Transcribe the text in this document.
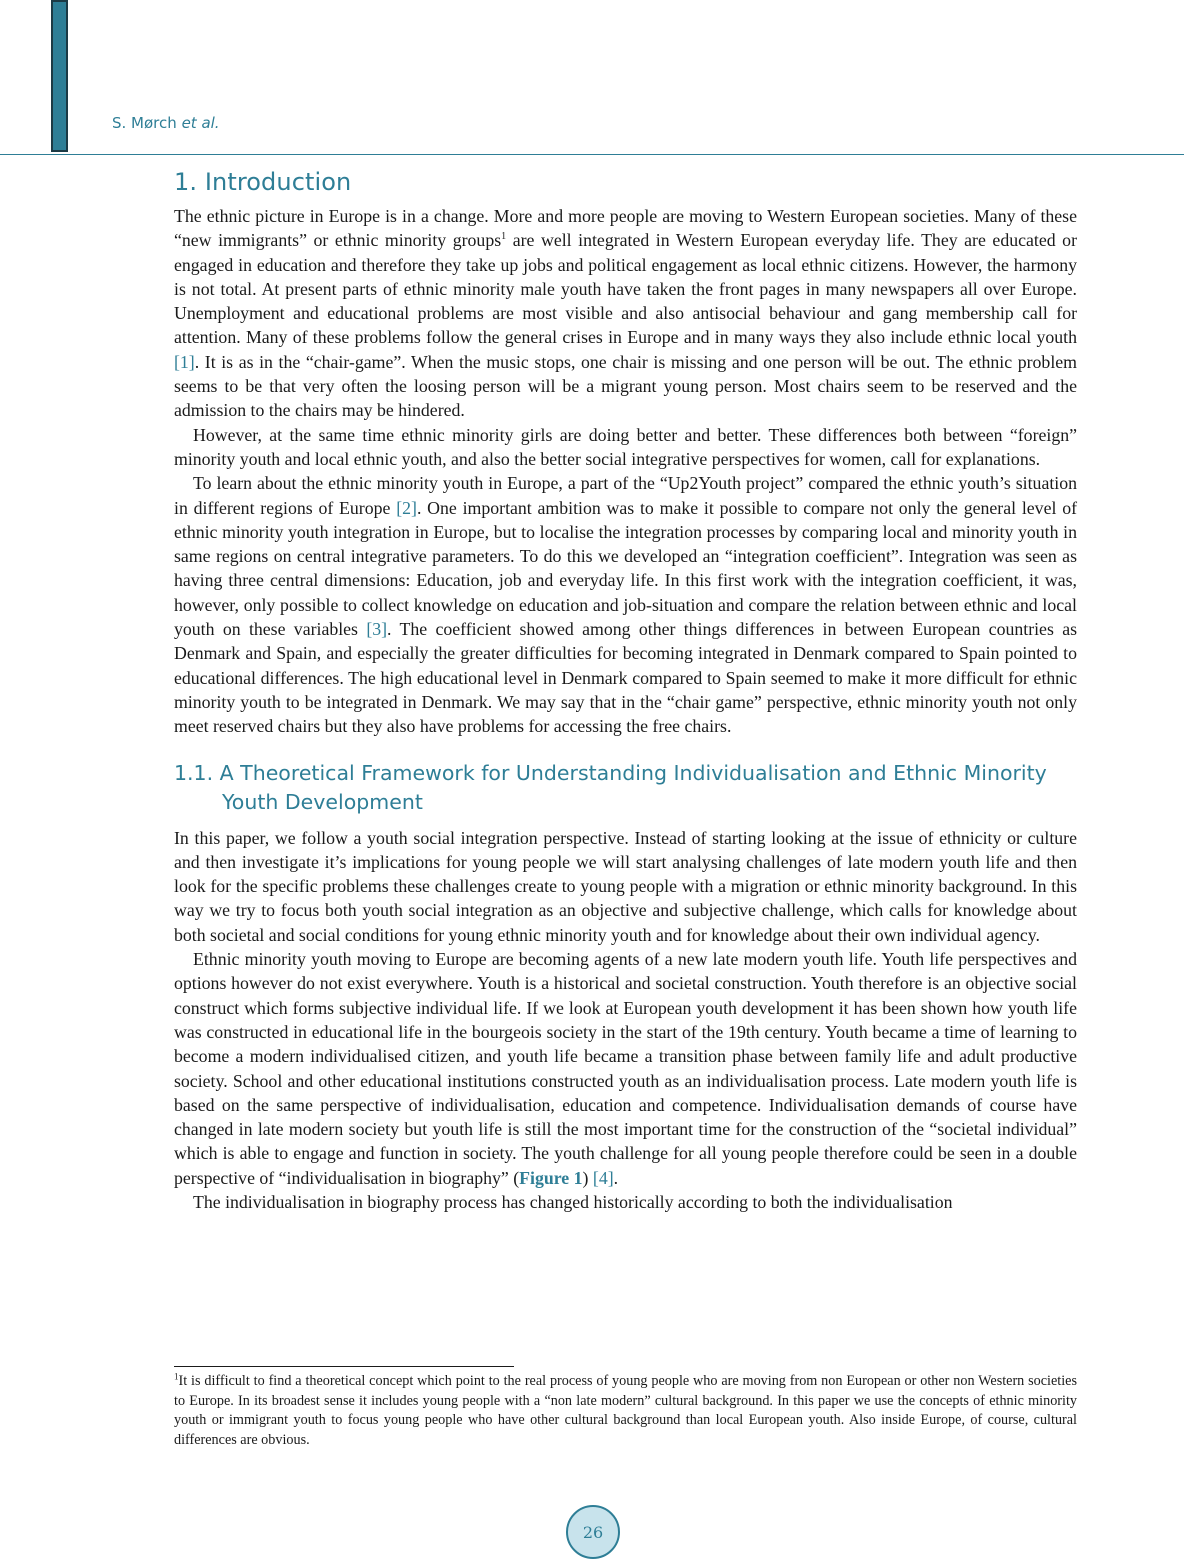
S. Mørch et al.
1. Introduction

The ethnic picture in Europe is in a change. More and more people are moving to Western European societies. Many of these “new immigrants” or ethnic minority groups$^1$ are well integrated in Western European everyday life. They are educated or engaged in education and therefore they take up jobs and political engagement as local ethnic citizens. However, the harmony is not total. At present parts of ethnic minority male youth have taken the front pages in many newspapers all over Europe. Unemployment and educational problems are most visible and also antisocial behaviour and gang membership call for attention. Many of these problems follow the general crises in Europe and in many ways they also include ethnic local youth [1]. It is as in the “chair-game”. When the music stops, one chair is missing and one person will be out. The ethnic problem seems to be that very often the loosing person will be a migrant young person. Most chairs seem to be reserved and the admission to the chairs may be hindered.

However, at the same time ethnic minority girls are doing better and better. These differences both between “foreign” minority youth and local ethnic youth, and also the better social integrative perspectives for women, call for explanations.

To learn about the ethnic minority youth in Europe, a part of the “Up2Youth project” compared the ethnic youth’s situation in different regions of Europe [2]. One important ambition was to make it possible to compare not only the general level of ethnic minority youth integration in Europe, but to localise the integration processes by comparing local and minority youth in same regions on central integrative parameters. To do this we developed an “integration coefficient”. Integration was seen as having three central dimensions: Education, job and everyday life. In this first work with the integration coefficient, it was, however, only possible to collect knowledge on education and job-situation and compare the relation between ethnic and local youth on these variables [3]. The coefficient showed among other things differences in between European countries as Denmark and Spain, and especially the greater difficulties for becoming integrated in Denmark compared to Spain pointed to educational differences. The high educational level in Denmark compared to Spain seemed to make it more difficult for ethnic minority youth to be integrated in Denmark. We may say that in the “chair game” perspective, ethnic minority youth not only meet reserved chairs but they also have problems for accessing the free chairs.

1.1. A Theoretical Framework for Understanding Individualisation and Ethnic Minority Youth Development

In this paper, we follow a youth social integration perspective. Instead of starting looking at the issue of ethnicity or culture and then investigate it’s implications for young people we will start analysing challenges of late modern youth life and then look for the specific problems these challenges create to young people with a migration or ethnic minority background. In this way we try to focus both youth social integration as an objective and subjective challenge, which calls for knowledge about both societal and social conditions for young ethnic minority youth and for knowledge about their own individual agency.

Ethnic minority youth moving to Europe are becoming agents of a new late modern youth life. Youth life perspectives and options however do not exist everywhere. Youth is a historical and societal construction. Youth therefore is an objective social construct which forms subjective individual life. If we look at European youth development it has been shown how youth life was constructed in educational life in the bourgeois society in the start of the 19th century. Youth became a time of learning to become a modern individualised citizen, and youth life became a transition phase between family life and adult productive society. School and other educational institutions constructed youth as an individualisation process. Late modern youth life is based on the same perspective of individualisation, education and competence. Individualisation demands of course have changed in late modern society but youth life is still the most important time for the construction of the “societal individual” which is able to engage and function in society. The youth challenge for all young people therefore could be seen in a double perspective of “individualisation in biography” (Figure 1) [4].

The individualisation in biography process has changed historically according to both the individualisation

$^1$It is difficult to find a theoretical concept which point to the real process of young people who are moving from non European or other non Western societies to Europe. In its broadest sense it includes young people with a “non late modern” cultural background. In this paper we use the concepts of ethnic minority youth or immigrant youth to focus young people who have other cultural background than local European youth. Also inside Europe, of course, cultural differences are obvious.
26
